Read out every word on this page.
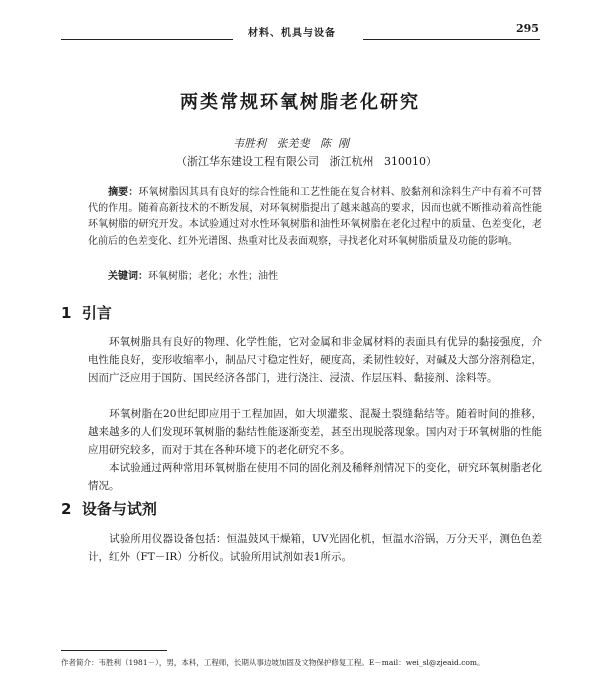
材料、机具与设备	295
两类常规环氧树脂老化研究
韦胜利   张羌斐   陈  刚
（浙江华东建设工程有限公司   浙江杭州   310010）
摘要：环氧树脂因其具有良好的综合性能和工艺性能在复合材料、胶黏剂和涂料生产中有着不可替代的作用。随着高新技术的不断发展，对环氧树脂提出了越来越高的要求，因而也就不断推动着高性能环氧树脂的研究开发。本试验通过对水性环氧树脂和油性环氧树脂在老化过程中的质量、色差变化，老化前后的色差变化、红外光谱图、热重对比及表面观察，寻找老化对环氧树脂质量及功能的影响。
关键词：环氧树脂；老化；水性；油性
1  引言
环氧树脂具有良好的物理、化学性能，它对金属和非金属材料的表面具有优异的黏接强度，介电性能良好，变形收缩率小，制品尺寸稳定性好，硬度高，柔韧性较好，对碱及大部分溶剂稳定，因而广泛应用于国防、国民经济各部门，进行浇注、浸渍、作层压料、黏接剂、涂料等。
环氧树脂在20世纪即应用于工程加固，如大坝灌浆、混凝土裂缝黏结等。随着时间的推移，越来越多的人们发现环氧树脂的黏结性能逐渐变差，甚至出现脱落现象。国内对于环氧树脂的性能应用研究较多，而对于其在各种环境下的老化研究不多。
本试验通过两种常用环氧树脂在使用不同的固化剂及稀释剂情况下的变化，研究环氧树脂老化情况。
2  设备与试剂
试验所用仪器设备包括：恒温鼓风干燥箱，UV光固化机，恒温水浴锅，万分天平，测色色差计，红外（FT－IR）分析仪。试验所用试剂如表1所示。
作者简介：韦胜利（1981－），男，本科，工程师，长期从事边坡加固及文物保护修复工程。E－mail：wei_sl@zjeaid.com。
